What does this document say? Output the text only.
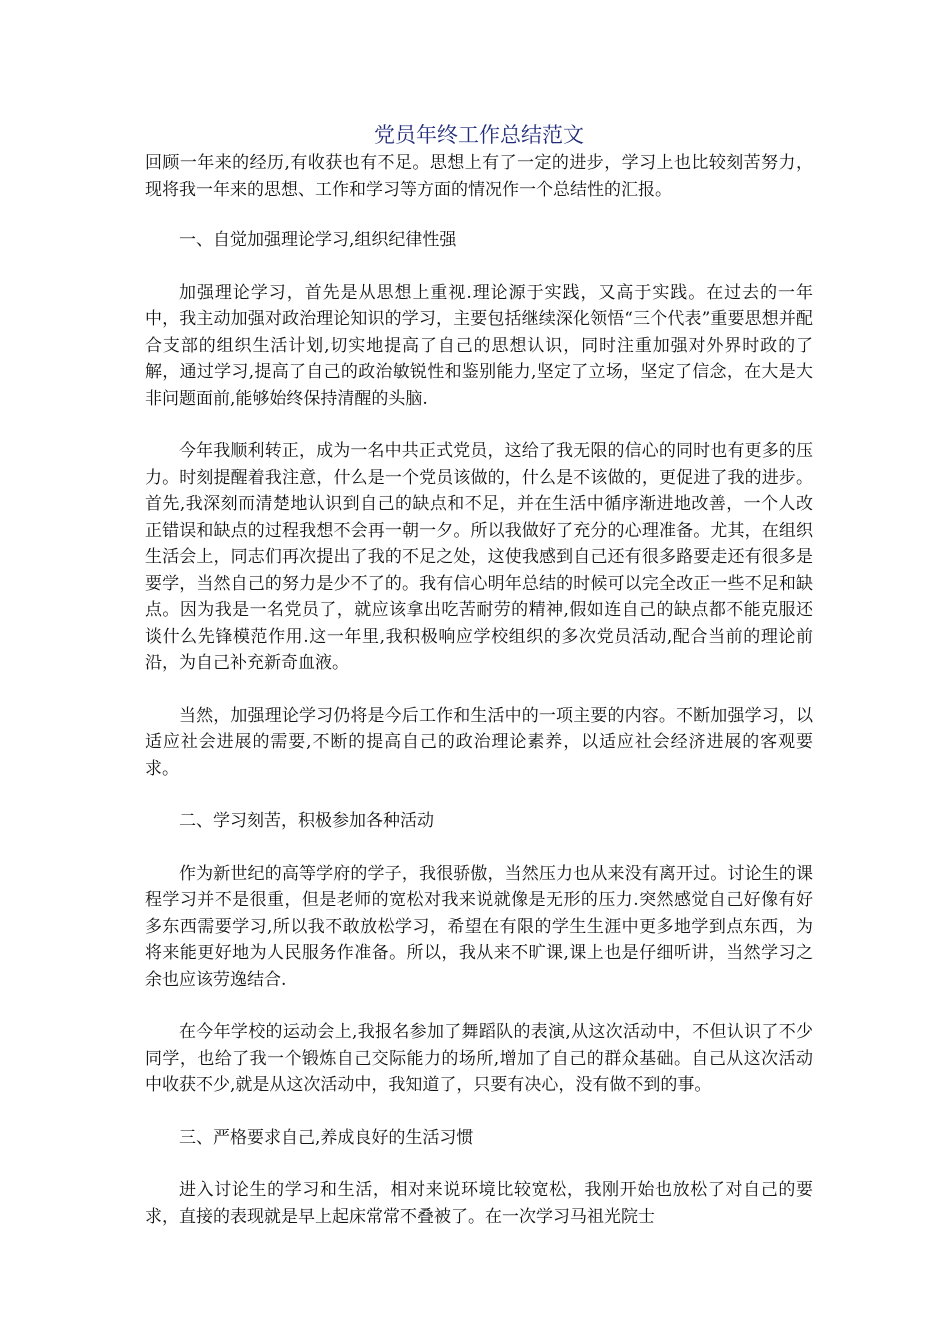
党员年终工作总结范文

回顾一年来的经历,有收获也有不足。思想上有了一定的进步，学习上也比较刻苦努力，现将我一年来的思想、工作和学习等方面的情况作一个总结性的汇报。

一、自觉加强理论学习,组织纪律性强

加强理论学习，首先是从思想上重视.理论源于实践，又高于实践。在过去的一年中，我主动加强对政治理论知识的学习，主要包括继续深化领悟“三个代表”重要思想并配合支部的组织生活计划,切实地提高了自己的思想认识，同时注重加强对外界时政的了解，通过学习,提高了自己的政治敏锐性和鉴别能力,坚定了立场，坚定了信念，在大是大非问题面前,能够始终保持清醒的头脑.

今年我顺利转正，成为一名中共正式党员，这给了我无限的信心的同时也有更多的压力。时刻提醒着我注意，什么是一个党员该做的，什么是不该做的，更促进了我的进步。首先,我深刻而清楚地认识到自己的缺点和不足，并在生活中循序渐进地改善，一个人改正错误和缺点的过程我想不会再一朝一夕。所以我做好了充分的心理准备。尤其，在组织生活会上，同志们再次提出了我的不足之处，这使我感到自己还有很多路要走还有很多是要学，当然自己的努力是少不了的。我有信心明年总结的时候可以完全改正一些不足和缺点。因为我是一名党员了，就应该拿出吃苦耐劳的精神,假如连自己的缺点都不能克服还谈什么先锋模范作用.这一年里,我积极响应学校组织的多次党员活动,配合当前的理论前沿，为自己补充新奇血液。

当然，加强理论学习仍将是今后工作和生活中的一项主要的内容。不断加强学习，以适应社会进展的需要,不断的提高自己的政治理论素养，以适应社会经济进展的客观要求。

二、学习刻苦，积极参加各种活动

作为新世纪的高等学府的学子，我很骄傲，当然压力也从来没有离开过。讨论生的课程学习并不是很重，但是老师的宽松对我来说就像是无形的压力.突然感觉自己好像有好多东西需要学习,所以我不敢放松学习，希望在有限的学生生涯中更多地学到点东西，为将来能更好地为人民服务作准备。所以，我从来不旷课,课上也是仔细听讲，当然学习之余也应该劳逸结合.

在今年学校的运动会上,我报名参加了舞蹈队的表演,从这次活动中，不但认识了不少同学，也给了我一个锻炼自己交际能力的场所,增加了自己的群众基础。自己从这次活动中收获不少,就是从这次活动中，我知道了，只要有决心，没有做不到的事。

三、严格要求自己,养成良好的生活习惯

进入讨论生的学习和生活，相对来说环境比较宽松，我刚开始也放松了对自己的要求，直接的表现就是早上起床常常不叠被了。在一次学习马祖光院士
